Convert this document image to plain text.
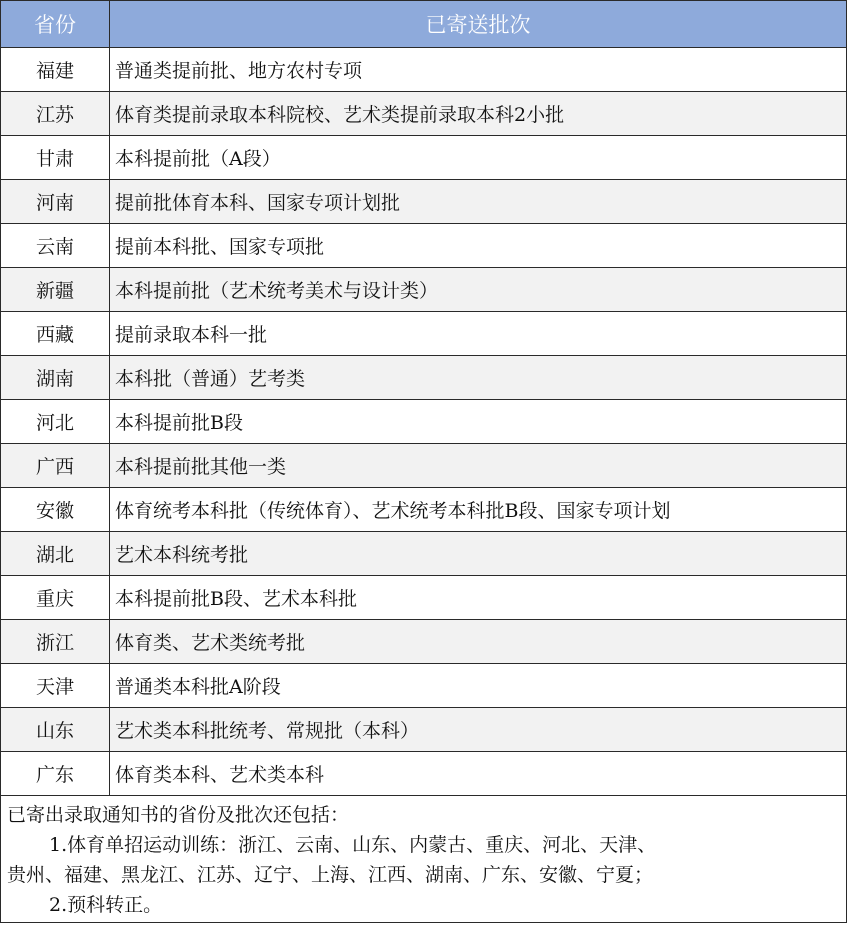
省份	已寄送批次
福建	普通类提前批、地方农村专项
江苏	体育类提前录取本科院校、艺术类提前录取本科2小批
甘肃	本科提前批（A段）
河南	提前批体育本科、国家专项计划批
云南	提前本科批、国家专项批
新疆	本科提前批（艺术统考美术与设计类）
西藏	提前录取本科一批
湖南	本科批（普通）艺考类
河北	本科提前批B段
广西	本科提前批其他一类
安徽	体育统考本科批（传统体育）、艺术统考本科批B段、国家专项计划
湖北	艺术本科统考批
重庆	本科提前批B段、艺术本科批
浙江	体育类、艺术类统考批
天津	普通类本科批A阶段
山东	艺术类本科批统考、常规批（本科）
广东	体育类本科、艺术类本科

已寄出录取通知书的省份及批次还包括：
1.体育单招运动训练：浙江、云南、山东、内蒙古、重庆、河北、天津、
贵州、福建、黑龙江、江苏、辽宁、上海、江西、湖南、广东、安徽、宁夏；
2.预科转正。	
